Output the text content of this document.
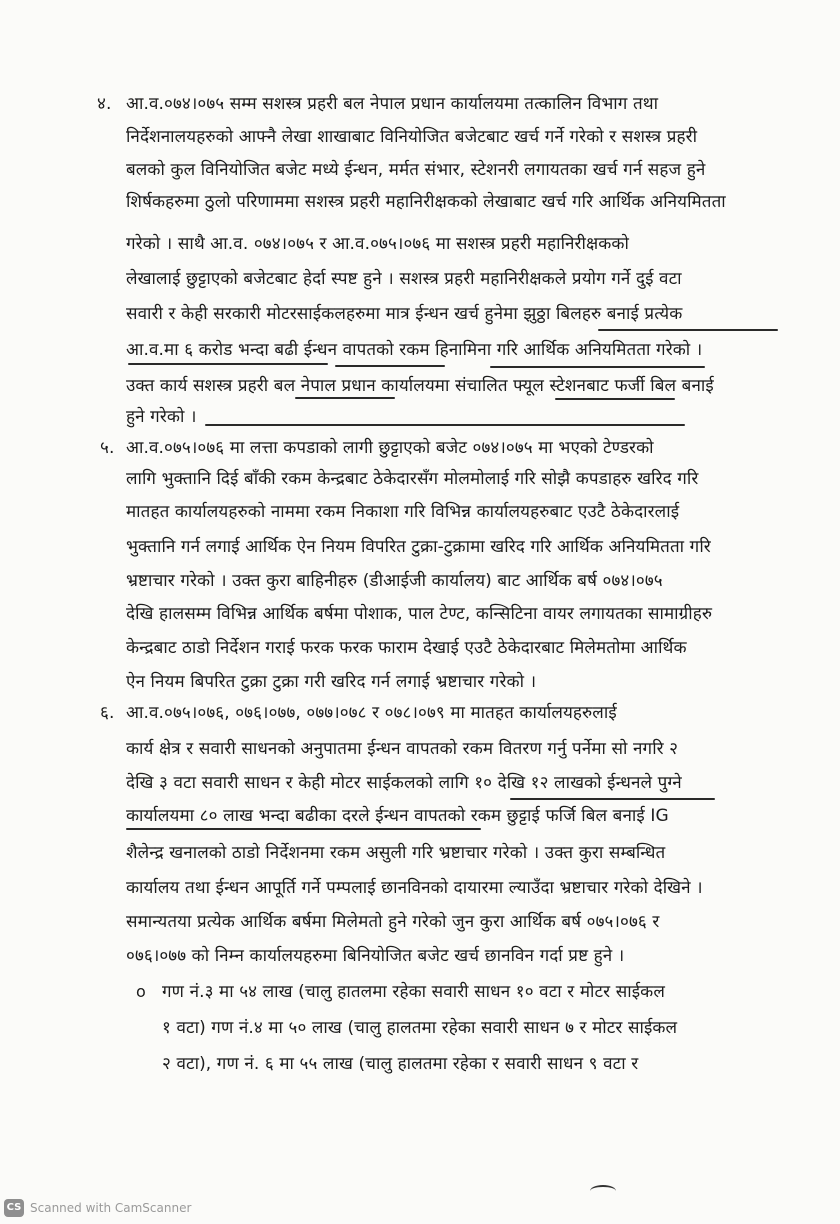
४. आ.व.०७४।०७५ सम्म सशस्त्र प्रहरी बल नेपाल प्रधान कार्यालयमा तत्कालिन विभाग तथा
निर्देशनालयहरुको आफ्नै लेखा शाखाबाट विनियोजित बजेटबाट खर्च गर्ने गरेको र सशस्त्र प्रहरी
बलको कुल विनियोजित बजेट मध्ये ईन्धन, मर्मत संभार, स्टेशनरी लगायतका खर्च गर्न सहज हुने
शिर्षकहरुमा ठुलो परिणाममा सशस्त्र प्रहरी महानिरीक्षकको लेखाबाट खर्च गरि आर्थिक अनियमितता
गरेको । साथै आ.व. ०७४।०७५ र आ.व.०७५।०७६ मा सशस्त्र प्रहरी महानिरीक्षकको
लेखालाई छुट्टाएको बजेटबाट हेर्दा स्पष्ट हुने । सशस्त्र प्रहरी महानिरीक्षकले प्रयोग गर्ने दुई वटा
सवारी र केही सरकारी मोटरसाईकलहरुमा मात्र ईन्धन खर्च हुनेमा झुठ्ठा बिलहरु बनाई प्रत्येक
आ.व.मा ६ करोड भन्दा बढी ईन्धन वापतको रकम हिनामिना गरि आर्थिक अनियमितता गरेको ।
उक्त कार्य सशस्त्र प्रहरी बल नेपाल प्रधान कार्यालयमा संचालित फ्यूल स्टेशनबाट फर्जी बिल बनाई
हुने गरेको ।
५. आ.व.०७५।०७६ मा लत्ता कपडाको लागी छुट्टाएको बजेट ०७४।०७५ मा भएको टेण्डरको
लागि भुक्तानि दिई बाँकी रकम केन्द्रबाट ठेकेदारसँग मोलमोलाई गरि सोझै कपडाहरु खरिद गरि
मातहत कार्यालयहरुको नाममा रकम निकाशा गरि विभिन्न कार्यालयहरुबाट एउटै ठेकेदारलाई
भुक्तानि गर्न लगाई आर्थिक ऐन नियम विपरित टुक्रा-टुक्रामा खरिद गरि आर्थिक अनियमितता गरि
भ्रष्टाचार गरेको । उक्त कुरा बाहिनीहरु (डीआईजी कार्यालय) बाट आर्थिक बर्ष ०७४।०७५
देखि हालसम्म विभिन्न आर्थिक बर्षमा पोशाक, पाल टेण्ट, कन्सिटिना वायर लगायतका सामाग्रीहरु
केन्द्रबाट ठाडो निर्देशन गराई फरक फरक फाराम देखाई एउटै ठेकेदारबाट मिलेमतोमा आर्थिक
ऐन नियम बिपरित टुक्रा टुक्रा गरी खरिद गर्न लगाई भ्रष्टाचार गरेको ।
६. आ.व.०७५।०७६, ०७६।०७७, ०७७।०७८ र ०७८।०७९ मा मातहत कार्यालयहरुलाई
कार्य क्षेत्र र सवारी साधनको अनुपातमा ईन्धन वापतको रकम वितरण गर्नु पर्नेमा सो नगरि २
देखि ३ वटा सवारी साधन र केही मोटर साईकलको लागि १० देखि १२ लाखको ईन्धनले पुग्ने
कार्यालयमा ८० लाख भन्दा बढीका दरले ईन्धन वापतको रकम छुट्टाई फर्जि बिल बनाई IG
शैलेन्द्र खनालको ठाडो निर्देशनमा रकम असुली गरि भ्रष्टाचार गरेको । उक्त कुरा सम्बन्धित
कार्यालय तथा ईन्धन आपूर्ति गर्ने पम्पलाई छानविनको दायारमा ल्याउँदा भ्रष्टाचार गरेको देखिने ।
समान्यतया प्रत्येक आर्थिक बर्षमा मिलेमतो हुने गरेको जुन कुरा आर्थिक बर्ष ०७५।०७६ र
०७६।०७७ को निम्न कार्यालयहरुमा बिनियोजित बजेट खर्च छानविन गर्दा प्रष्ट हुने ।
o गण नं.३ मा ५४ लाख (चालु हातलमा रहेका सवारी साधन १० वटा र मोटर साईकल
१ वटा) गण नं.४ मा ५० लाख (चालु हालतमा रहेका सवारी साधन ७ र मोटर साईकल
२ वटा), गण नं. ६ मा ५५ लाख (चालु हालतमा रहेका र सवारी साधन ९ वटा र
CS Scanned with CamScanner
